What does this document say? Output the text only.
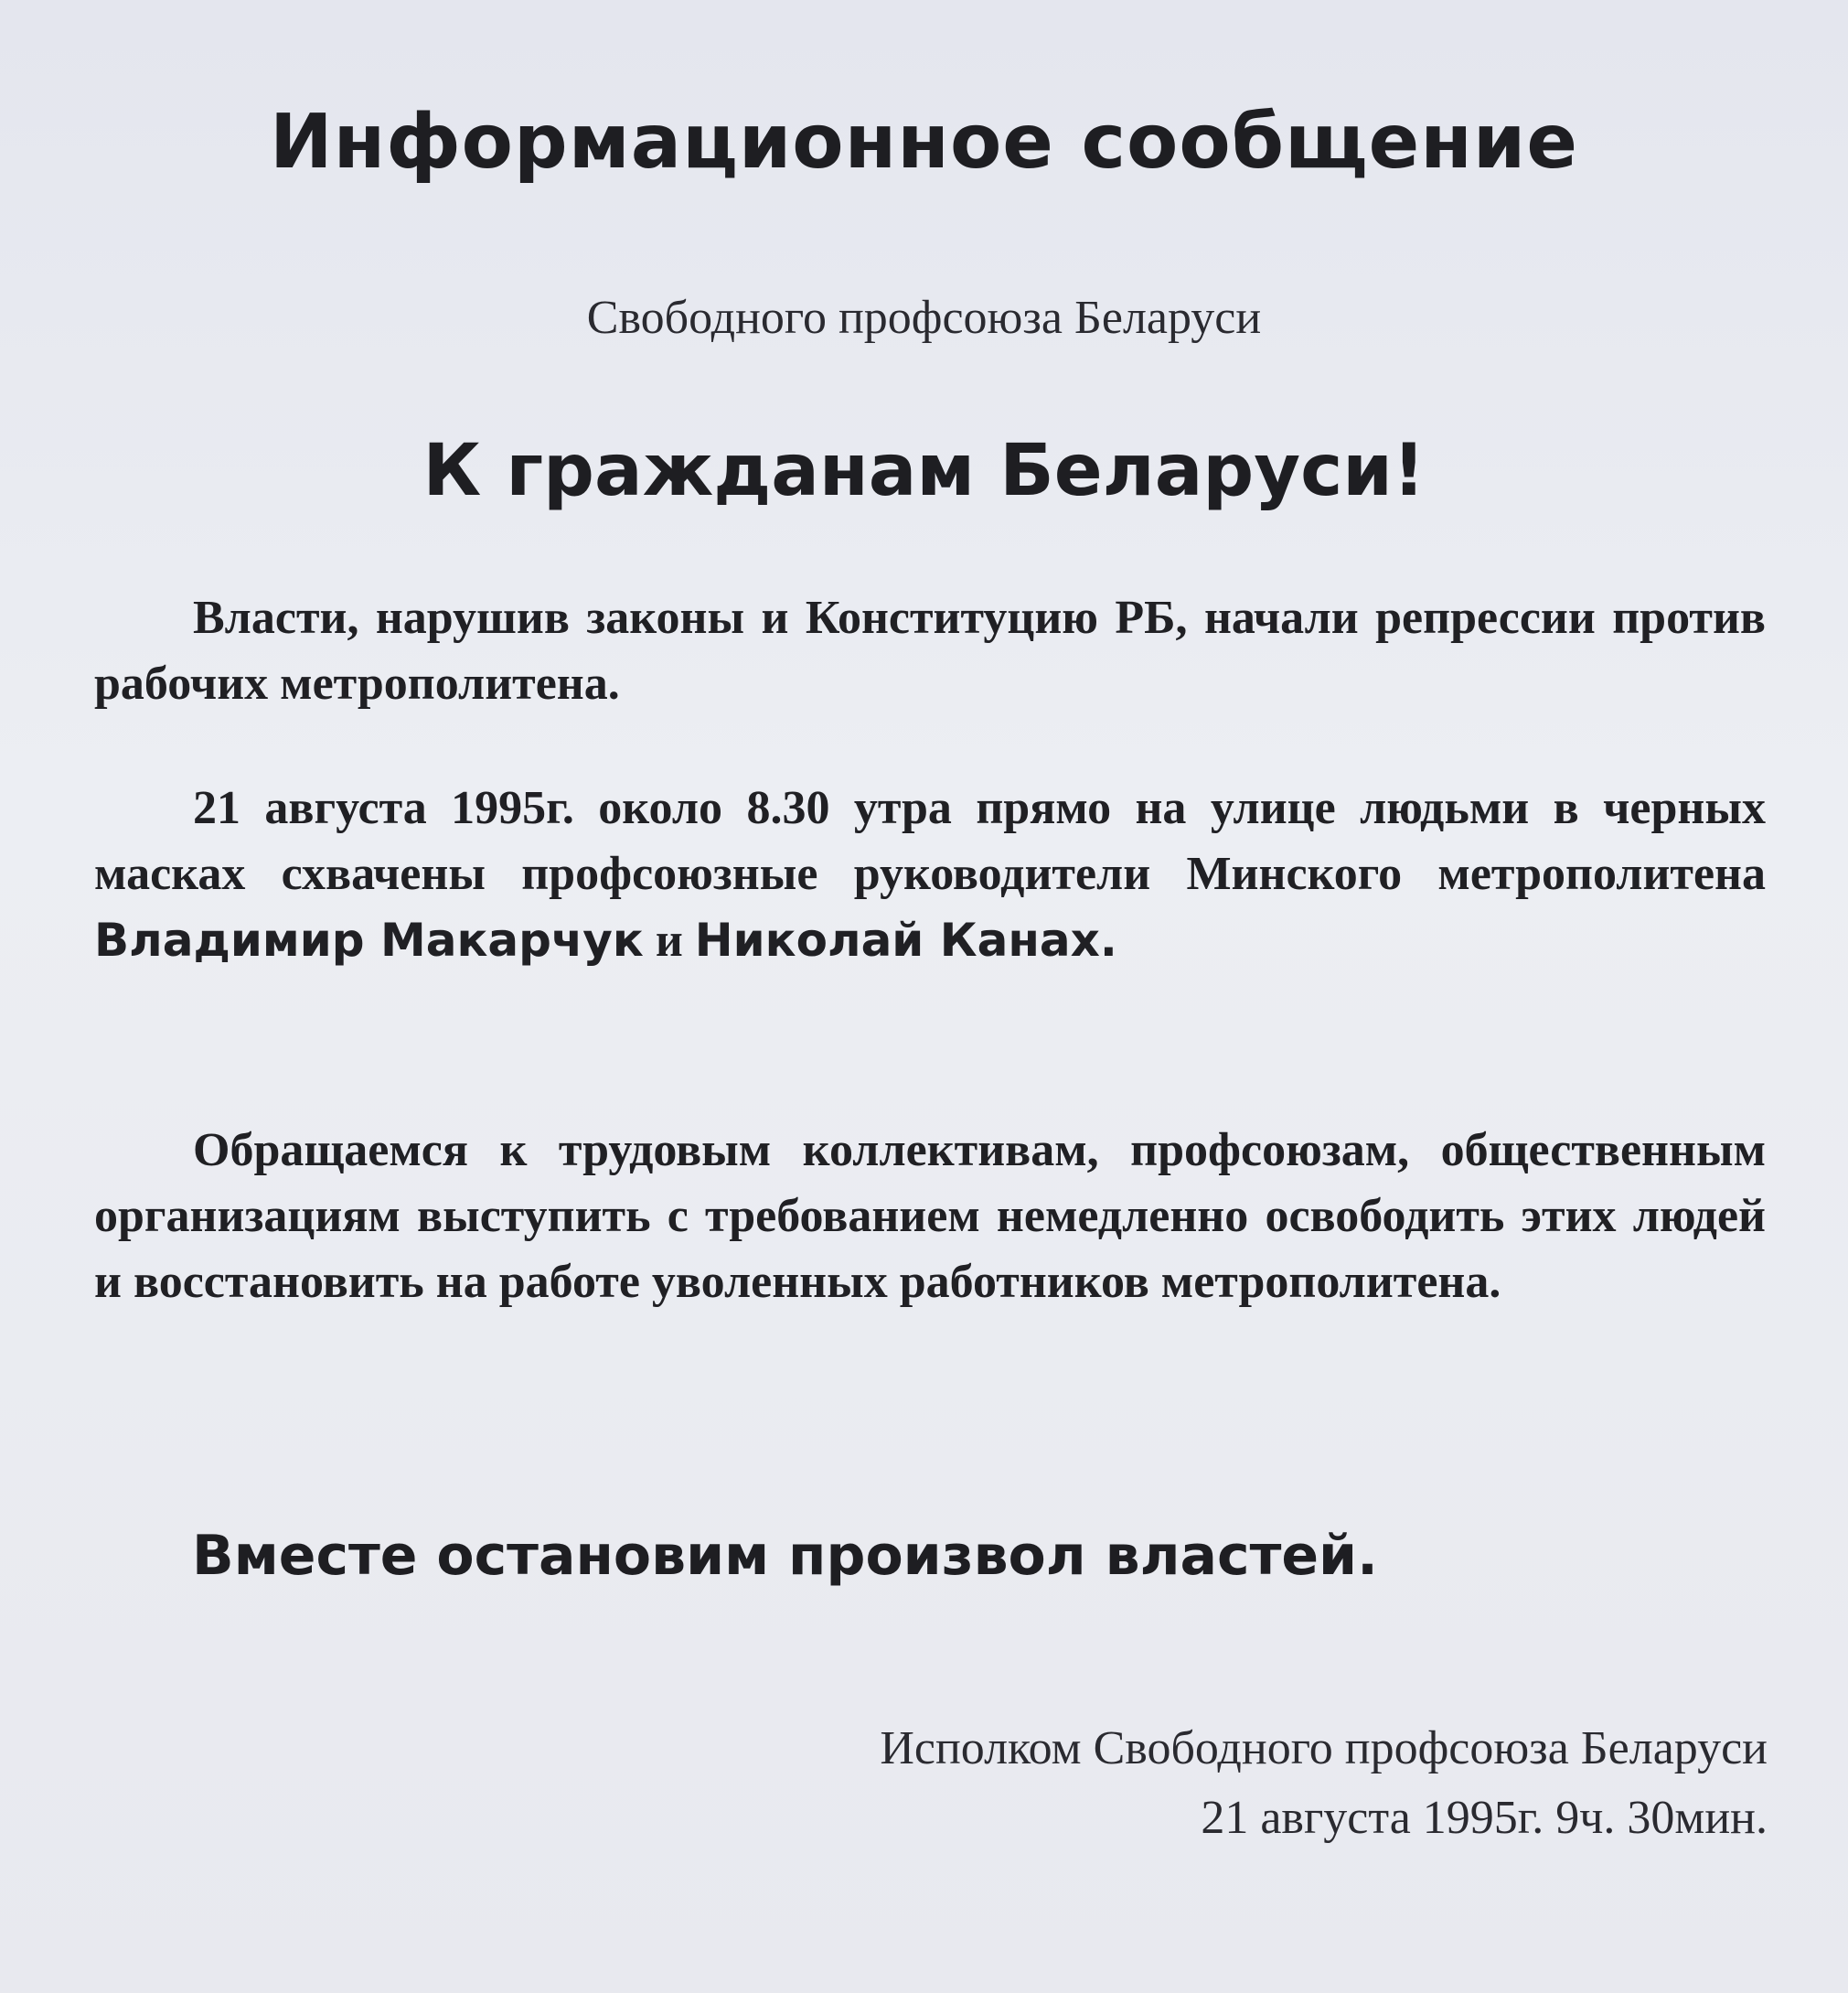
Информационное сообщение

Свободного профсоюза Беларуси

К гражданам Беларуси!

Власти, нарушив законы и Конституцию РБ, начали репрессии против рабочих метрополитена.

21 августа 1995г. около 8.30 утра прямо на улице людьми в черных масках схвачены профсоюзные руководители Минского метрополитена Владимир Макарчук и Николай Канах.

Обращаемся к трудовым коллективам, профсоюзам, общественным организациям выступить с требованием немедленно освободить этих людей и восстановить на работе уволенных работников метрополитена.

Вместе остановим произвол властей.

Исполком Свободного профсоюза Беларуси

21 августа 1995г. 9ч. 30мин.
